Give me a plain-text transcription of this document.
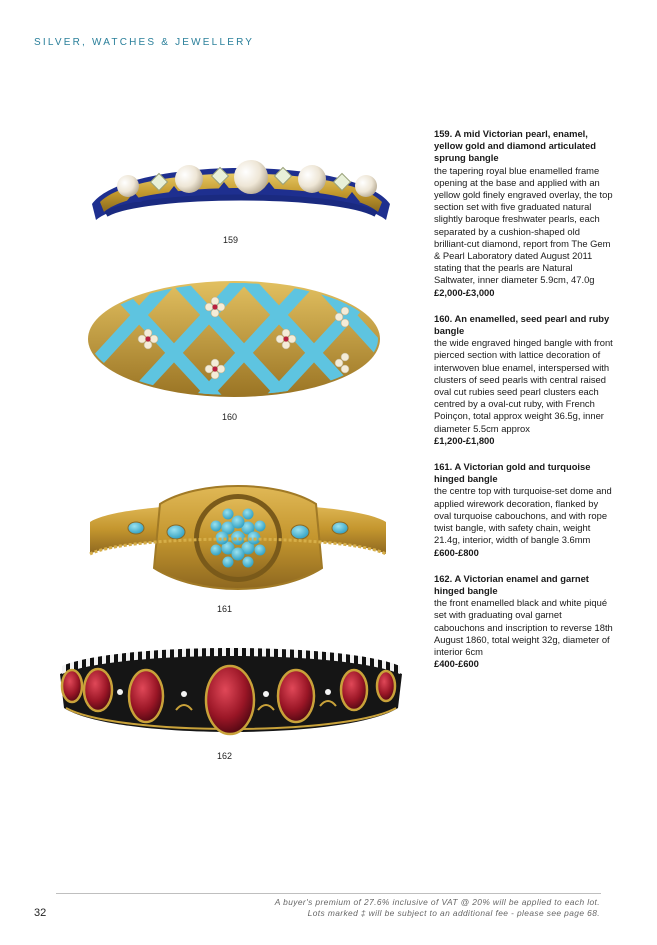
SILVER, WATCHES & JEWELLERY
159
160
161
162
159. A mid Victorian pearl, enamel, yellow gold and diamond articulated sprung bangle
the tapering royal blue enamelled frame opening at the base and applied with an yellow gold finely engraved overlay, the top section set with five graduated natural slightly baroque freshwater pearls, each separated by a cushion-shaped old brilliant-cut diamond, report from The Gem & Pearl Laboratory dated August 2011 stating that the pearls are Natural Saltwater, inner diameter 5.9cm, 47.0g
£2,000-£3,000
160. An enamelled, seed pearl and ruby bangle
the wide engraved hinged bangle with front pierced section with lattice decoration of interwoven blue enamel, interspersed with clusters of seed pearls with central raised oval cut rubies seed pearl clusters each centred by a oval-cut ruby, with French Poinçon, total approx weight 36.5g, inner diameter 5.5cm approx
£1,200-£1,800
161. A Victorian gold and turquoise hinged bangle
the centre top with turquoise-set dome and applied wirework decoration, flanked by oval turquoise cabouchons, and with rope twist bangle, with safety chain, weight 21.4g, interior, width of bangle 3.6mm
£600-£800
162. A Victorian enamel and garnet hinged bangle
the front enamelled black and white piqué set with graduating oval garnet cabouchons and inscription to reverse 18th August 1860, total weight 32g, diameter of interior 6cm
£400-£600
32
A buyer's premium of 27.6% inclusive of VAT @ 20% will be applied to each lot.
Lots marked ‡ will be subject to an additional fee - please see page 68.
